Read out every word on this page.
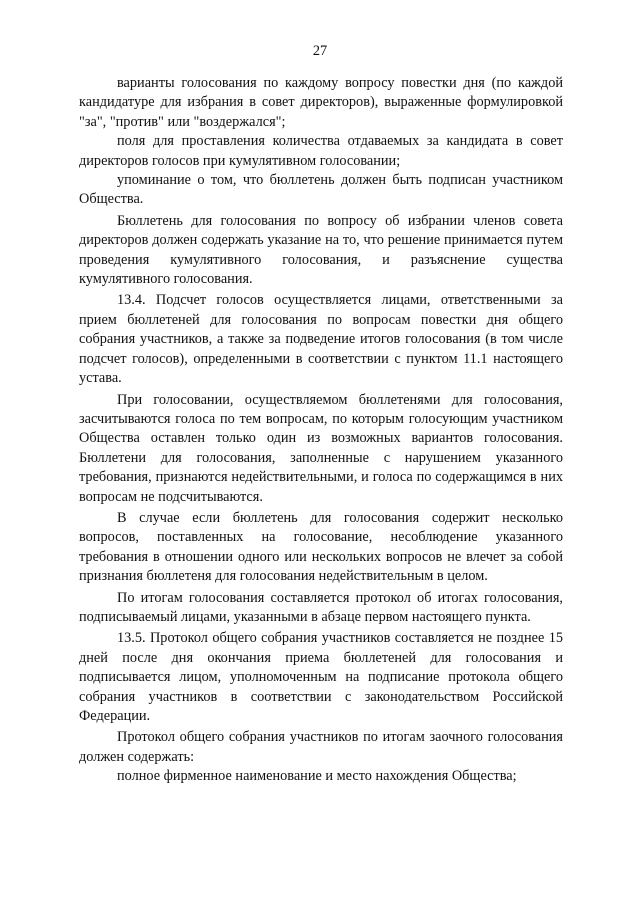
27

варианты голосования по каждому вопросу повестки дня (по каждой кандидатуре для избрания в совет директоров), выраженные формулировкой "за", "против" или "воздержался";

поля для проставления количества отдаваемых за кандидата в совет директоров голосов при кумулятивном голосовании;

упоминание о том, что бюллетень должен быть подписан участником Общества.

Бюллетень для голосования по вопросу об избрании членов совета директоров должен содержать указание на то, что решение принимается путем проведения кумулятивного голосования, и разъяснение существа кумулятивного голосования.

13.4. Подсчет голосов осуществляется лицами, ответственными за прием бюллетеней для голосования по вопросам повестки дня общего собрания участников, а также за подведение итогов голосования (в том числе подсчет голосов), определенными в соответствии с пунктом 11.1 настоящего устава.

При голосовании, осуществляемом бюллетенями для голосования, засчитываются голоса по тем вопросам, по которым голосующим участником Общества оставлен только один из возможных вариантов голосования. Бюллетени для голосования, заполненные с нарушением указанного требования, признаются недействительными, и голоса по содержащимся в них вопросам не подсчитываются.

В случае если бюллетень для голосования содержит несколько вопросов, поставленных на голосование, несоблюдение указанного требования в отношении одного или нескольких вопросов не влечет за собой признания бюллетеня для голосования недействительным в целом.

По итогам голосования составляется протокол об итогах голосования, подписываемый лицами, указанными в абзаце первом настоящего пункта.

13.5. Протокол общего собрания участников составляется не позднее 15 дней после дня окончания приема бюллетеней для голосования и подписывается лицом, уполномоченным на подписание протокола общего собрания участников в соответствии с законодательством Российской Федерации.

Протокол общего собрания участников по итогам заочного голосования должен содержать:

полное фирменное наименование и место нахождения Общества;
